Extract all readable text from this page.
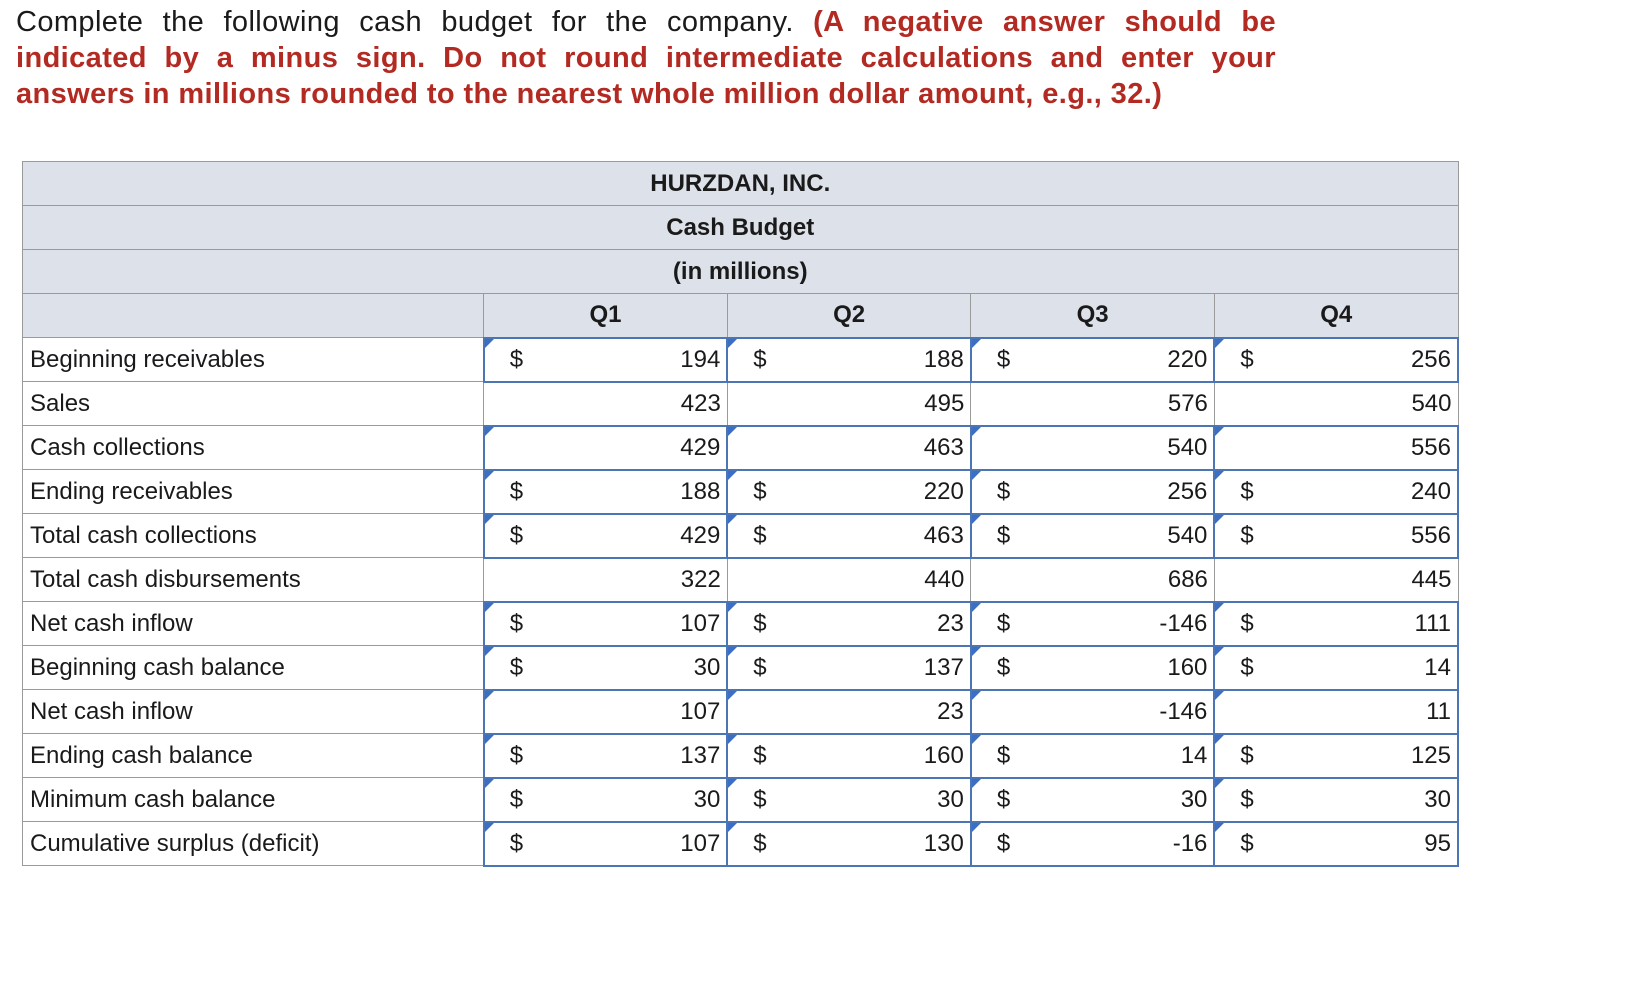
Complete the following cash budget for the company. (A negative answer should be indicated by a minus sign. Do not round intermediate calculations and enter your answers in millions rounded to the nearest whole million dollar amount, e.g., 32.)
HURZDAN, INC.				
Cash Budget				
(in millions)				
	Q1	Q2	Q3	Q4
Beginning receivables	$ 194	$ 188	$ 220	$ 256

Sales	423	495	576	540

Cash collections	429	463	540	556

Ending receivables	$ 188	$ 220	$ 256	$ 240

Total cash collections	$ 429	$ 463	$ 540	$ 556

Total cash disbursements	322	440	686	445

Net cash inflow	$ 107	$ 23	$ -146	$ 111

Beginning cash balance	$ 30	$ 137	$ 160	$ 14

Net cash inflow	107	23	-146	11

Ending cash balance	$ 137	$ 160	$ 14	$ 125

Minimum cash balance	$ 30	$ 30	$ 30	$ 30

Cumulative surplus (deficit)	$ 107	$ 130	$ -16	$ 95
